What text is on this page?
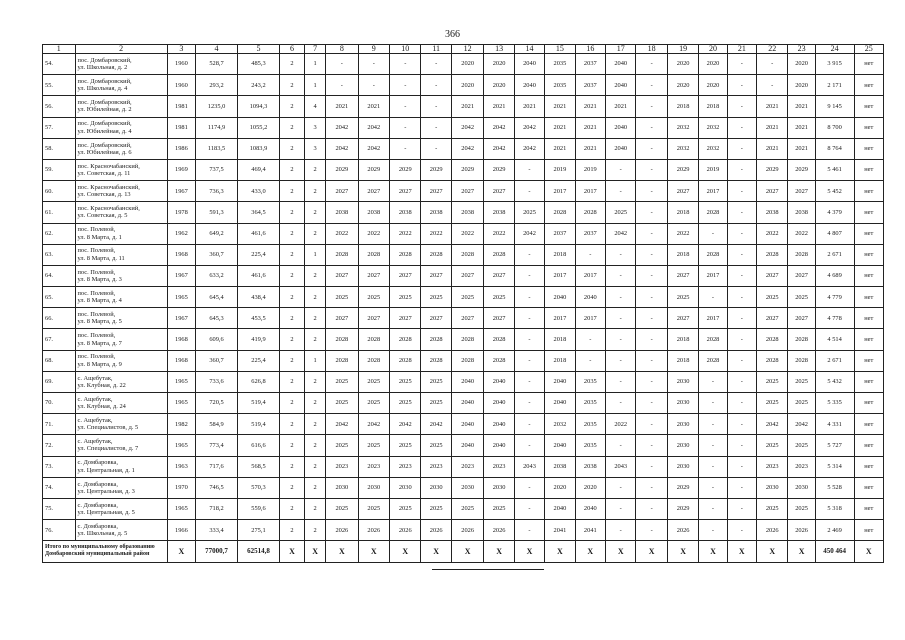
366
1	2	3	4	5	6	7	8	9	10	11	12	13	14	15	16	17	18	19	20	21	22	23	24	25
54.	пос. Домбаровский,
ул. Школьная, д. 2	1960	528,7	485,3	2	1	-	-	-	-	2020	2020	2040	2035	2037	2040	-	2020	2020	-	-	2020	3 915	нет
55.	пос. Домбаровский,
ул. Школьная, д. 4	1960	293,2	243,2	2	1	-	-	-	-	2020	2020	2040	2035	2037	2040	-	2020	2020	-	-	2020	2 171	нет
56.	пос. Домбаровский,
ул. Юбилейная, д. 2	1981	1235,0	1094,3	2	4	2021	2021	-	-	2021	2021	2021	2021	2021	2021	-	2018	2018	-	2021	2021	9 145	нет
57.	пос. Домбаровский,
ул. Юбилейная, д. 4	1981	1174,9	1055,2	2	3	2042	2042	-	-	2042	2042	2042	2021	2021	2040	-	2032	2032	-	2021	2021	8 700	нет
58.	пос. Домбаровский,
ул. Юбилейная, д. 6	1986	1183,5	1083,9	2	3	2042	2042	-	-	2042	2042	2042	2021	2021	2040	-	2032	2032	-	2021	2021	8 764	нет
59.	пос. Красночабанский,
ул. Советская, д. 11	1969	737,5	469,4	2	2	2029	2029	2029	2029	2029	2029	-	2019	2019	-	-	2029	2019	-	2029	2029	5 461	нет
60.	пос. Красночабанский,
ул. Советская, д. 13	1967	736,3	433,0	2	2	2027	2027	2027	2027	2027	2027	-	2017	2017	-	-	2027	2017	-	2027	2027	5 452	нет
61.	пос. Красночабанский,
ул. Советская, д. 5	1978	591,3	364,5	2	2	2038	2038	2038	2038	2038	2038	2025	2028	2028	2025	-	2018	2028	-	2038	2038	4 379	нет
62.	пос. Полевой,
ул. 8 Марта, д. 1	1962	649,2	461,6	2	2	2022	2022	2022	2022	2022	2022	2042	2037	2037	2042	-	2022	-	-	2022	2022	4 807	нет
63.	пос. Полевой,
ул. 8 Марта, д. 11	1968	360,7	225,4	2	1	2028	2028	2028	2028	2028	2028	-	2018	-	-	-	2018	2028	-	2028	2028	2 671	нет
64.	пос. Полевой,
ул. 8 Марта, д. 3	1967	633,2	461,6	2	2	2027	2027	2027	2027	2027	2027	-	2017	2017	-	-	2027	2017	-	2027	2027	4 689	нет
65.	пос. Полевой,
ул. 8 Марта, д. 4	1965	645,4	438,4	2	2	2025	2025	2025	2025	2025	2025	-	2040	2040	-	-	2025	-	-	2025	2025	4 779	нет
66.	пос. Полевой,
ул. 8 Марта, д. 5	1967	645,3	453,5	2	2	2027	2027	2027	2027	2027	2027	-	2017	2017	-	-	2027	2017	-	2027	2027	4 778	нет
67.	пос. Полевой,
ул. 8 Марта, д. 7	1968	609,6	419,9	2	2	2028	2028	2028	2028	2028	2028	-	2018	-	-	-	2018	2028	-	2028	2028	4 514	нет
68.	пос. Полевой,
ул. 8 Марта, д. 9	1968	360,7	225,4	2	1	2028	2028	2028	2028	2028	2028	-	2018	-	-	-	2018	2028	-	2028	2028	2 671	нет
69.	с. Ащебутак,
ул. Клубная, д. 22	1965	733,6	626,8	2	2	2025	2025	2025	2025	2040	2040	-	2040	2035	-	-	2030	-	-	2025	2025	5 432	нет
70.	с. Ащебутак,
ул. Клубная, д. 24	1965	720,5	519,4	2	2	2025	2025	2025	2025	2040	2040	-	2040	2035	-	-	2030	-	-	2025	2025	5 335	нет
71.	с. Ащебутак,
ул. Специалистов, д. 5	1982	584,9	519,4	2	2	2042	2042	2042	2042	2040	2040	-	2032	2035	2022	-	2030	-	-	2042	2042	4 331	нет
72.	с. Ащебутак,
ул. Специалистов, д. 7	1965	773,4	616,6	2	2	2025	2025	2025	2025	2040	2040	-	2040	2035	-	-	2030	-	-	2025	2025	5 727	нет
73.	с. Домбаровка,
ул. Центральная, д. 1	1963	717,6	568,5	2	2	2023	2023	2023	2023	2023	2023	2043	2038	2038	2043	-	2030	-	-	2023	2023	5 314	нет
74.	с. Домбаровка,
ул. Центральная, д. 3	1970	746,5	570,3	2	2	2030	2030	2030	2030	2030	2030	-	2020	2020	-	-	2029	-	-	2030	2030	5 528	нет
75.	с. Домбаровка,
ул. Центральная, д. 5	1965	718,2	559,6	2	2	2025	2025	2025	2025	2025	2025	-	2040	2040	-	-	2029	-	-	2025	2025	5 318	нет
76.	с. Домбаровка,
ул. Школьная, д. 5	1966	333,4	275,1	2	2	2026	2026	2026	2026	2026	2026	-	2041	2041	-	-	2026	-	-	2026	2026	2 469	нет
Итого по муниципальному образованию Домбаровский муниципальный район		X	77000,7	62514,8	X	X	X	X	X	X	X	X	X	X	X	X	X	X	X	X	X	X	450 464	X
